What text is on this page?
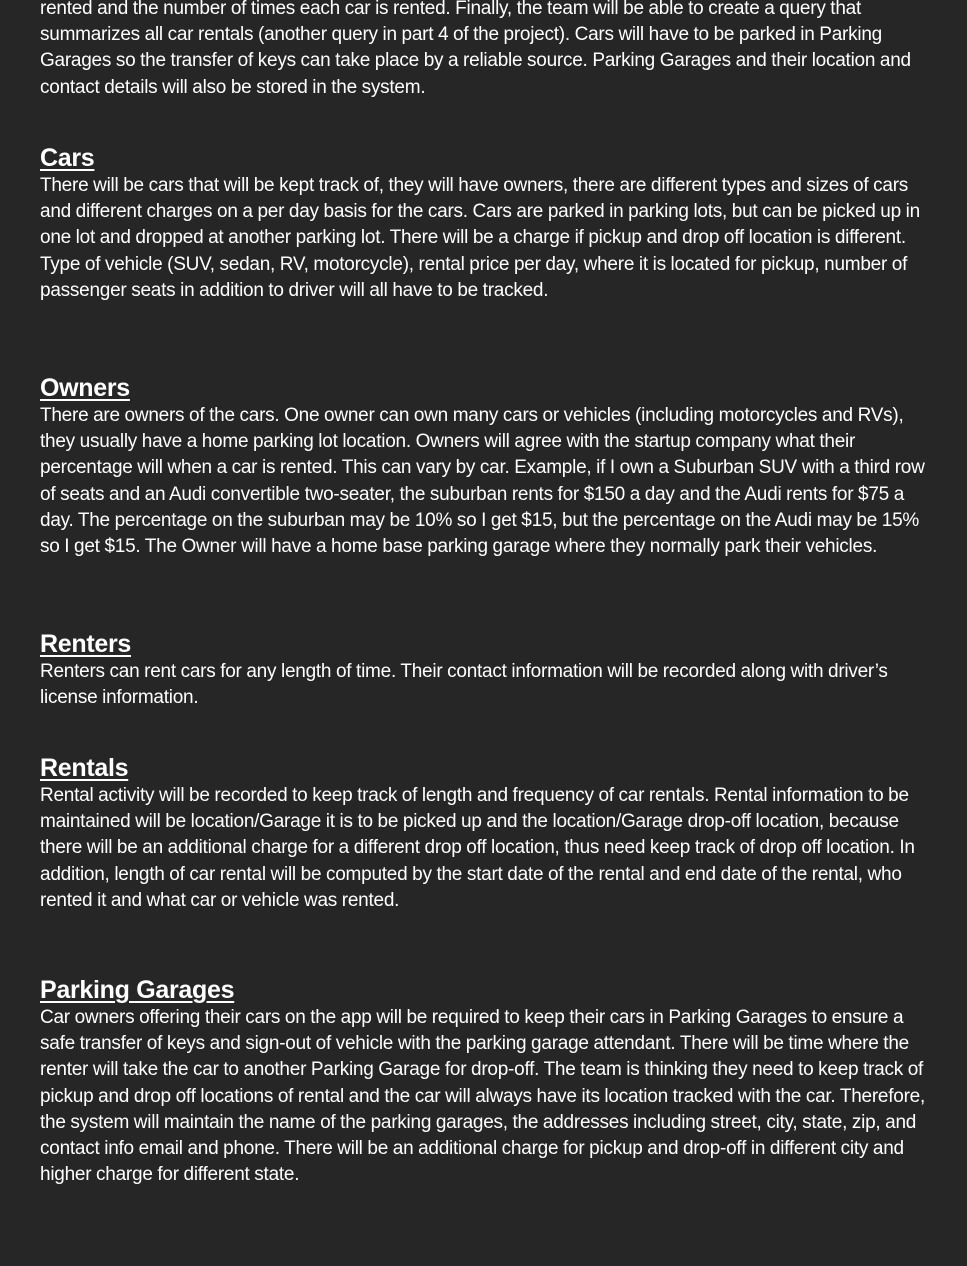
rented and the number of times each car is rented. Finally, the team will be able to create a query that summarizes all car rentals (another query in part 4 of the project). Cars will have to be parked in Parking Garages so the transfer of keys can take place by a reliable source. Parking Garages and their location and contact details will also be stored in the system.

Cars

There will be cars that will be kept track of, they will have owners, there are different types and sizes of cars and different charges on a per day basis for the cars. Cars are parked in parking lots, but can be picked up in one lot and dropped at another parking lot. There will be a charge if pickup and drop off location is different. Type of vehicle (SUV, sedan, RV, motorcycle), rental price per day, where it is located for pickup, number of passenger seats in addition to driver will all have to be tracked.

Owners

There are owners of the cars. One owner can own many cars or vehicles (including motorcycles and RVs), they usually have a home parking lot location. Owners will agree with the startup company what their percentage will when a car is rented. This can vary by car. Example, if I own a Suburban SUV with a third row of seats and an Audi convertible two-seater, the suburban rents for $150 a day and the Audi rents for $75 a day. The percentage on the suburban may be 10% so I get $15, but the percentage on the Audi may be 15% so I get $15. The Owner will have a home base parking garage where they normally park their vehicles.

Renters

Renters can rent cars for any length of time. Their contact information will be recorded along with driver’s license information.

Rentals

Rental activity will be recorded to keep track of length and frequency of car rentals. Rental information to be maintained will be location/Garage it is to be picked up and the location/Garage drop-off location, because there will be an additional charge for a different drop off location, thus need keep track of drop off location. In addition, length of car rental will be computed by the start date of the rental and end date of the rental, who rented it and what car or vehicle was rented.

Parking Garages

Car owners offering their cars on the app will be required to keep their cars in Parking Garages to ensure a safe transfer of keys and sign-out of vehicle with the parking garage attendant. There will be time where the renter will take the car to another Parking Garage for drop-off. The team is thinking they need to keep track of pickup and drop off locations of rental and the car will always have its location tracked with the car. Therefore, the system will maintain the name of the parking garages, the addresses including street, city, state, zip, and contact info email and phone. There will be an additional charge for pickup and drop-off in different city and higher charge for different state.
